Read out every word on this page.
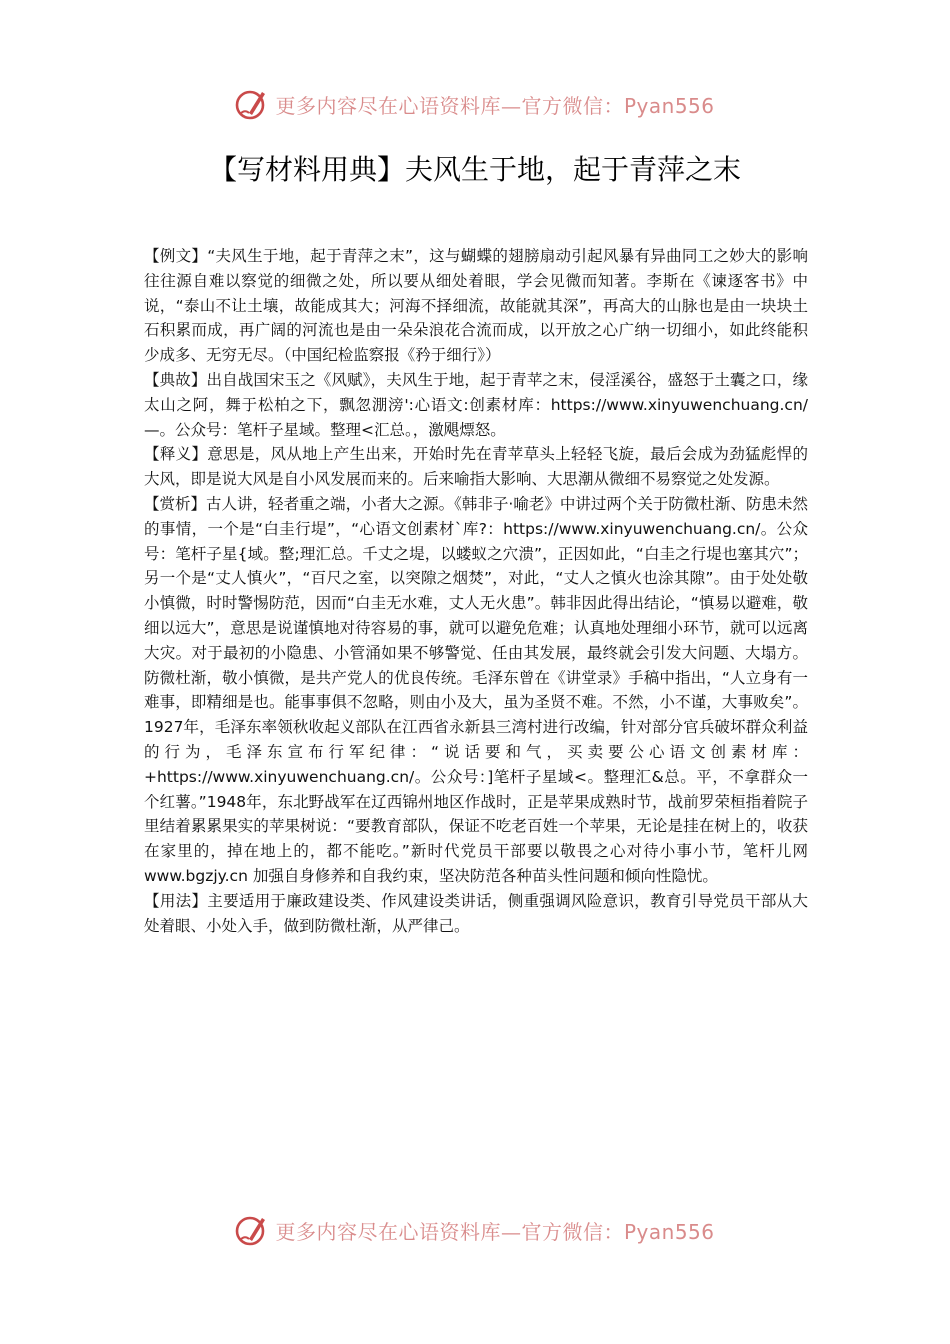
更多内容尽在心语资料库—官方微信：Pyan556
【写材料用典】夫风生于地，起于青萍之末

【例文】“夫风生于地，起于青萍之末”，这与蝴蝶的翅膀扇动引起风暴有异曲同工之妙大的影响往往源自难以察觉的细微之处，所以要从细处着眼，学会见微而知著。李斯在《谏逐客书》中说，“泰山不让土壤，故能成其大；河海不择细流，故能就其深”，再高大的山脉也是由一块块土石积累而成，再广阔的河流也是由一朵朵浪花合流而成，以开放之心广纳一切细小，如此终能积少成多、无穷无尽。（中国纪检监察报《矜于细行》）

【典故】出自战国宋玉之《风赋》，夫风生于地，起于青苹之末，侵淫溪谷，盛怒于土囊之口，缘太山之阿，舞于松柏之下，飘忽淜滂':心语文:创素材库：https://www.xinyuwenchuang.cn/—。公众号：笔杆子星域。整理<汇总。，激飓熛怒。

【释义】意思是，风从地上产生出来，开始时先在青苹草头上轻轻飞旋，最后会成为劲猛彪悍的大风，即是说大风是自小风发展而来的。后来喻指大影响、大思潮从微细不易察觉之处发源。

【赏析】古人讲，轻者重之端，小者大之源。《韩非子·喻老》中讲过两个关于防微杜渐、防患未然的事情，一个是“白圭行堤”，“心语文创素材`库?：https://www.xinyuwenchuang.cn/。公众号：笔杆子星{域。整;理汇总。千丈之堤，以蝼蚁之穴溃”，正因如此，“白圭之行堤也塞其穴”；另一个是“丈人慎火”，“百尺之室，以突隙之烟焚”，对此，“丈人之慎火也涂其隙”。由于处处敬小慎微，时时警惕防范，因而“白圭无水难，丈人无火患”。韩非因此得出结论，“慎易以避难，敬细以远大”，意思是说谨慎地对待容易的事，就可以避免危难；认真地处理细小环节，就可以远离大灾。对于最初的小隐患、小管涌如果不够警觉、任由其发展，最终就会引发大问题、大塌方。防微杜渐，敬小慎微，是共产党人的优良传统。毛泽东曾在《讲堂录》手稿中指出，“人立身有一难事，即精细是也。能事事俱不忽略，则由小及大，虽为圣贤不难。不然，小不谨，大事败矣”。1927年，毛泽东率领秋收起义部队在江西省永新县三湾村进行改编，针对部分官兵破坏群众利益的行为，毛泽东宣布行军纪律：“说话要和气，买卖要公心语文创素材库：+https://www.xinyuwenchuang.cn/。公众号：]笔杆子星域<。整理汇&总。平，不拿群众一个红薯。”1948年，东北野战军在辽西锦州地区作战时，正是苹果成熟时节，战前罗荣桓指着院子里结着累累果实的苹果树说：“要教育部队，保证不吃老百姓一个苹果，无论是挂在树上的，收获在家里的，掉在地上的，都不能吃。”新时代党员干部要以敬畏之心对待小事小节，笔杆儿网 www.bgzjy.cn 加强自身修养和自我约束，坚决防范各种苗头性问题和倾向性隐忧。

【用法】主要适用于廉政建设类、作风建设类讲话，侧重强调风险意识，教育引导党员干部从大处着眼、小处入手，做到防微杜渐，从严律己。

更多内容尽在心语资料库—官方微信：Pyan556
